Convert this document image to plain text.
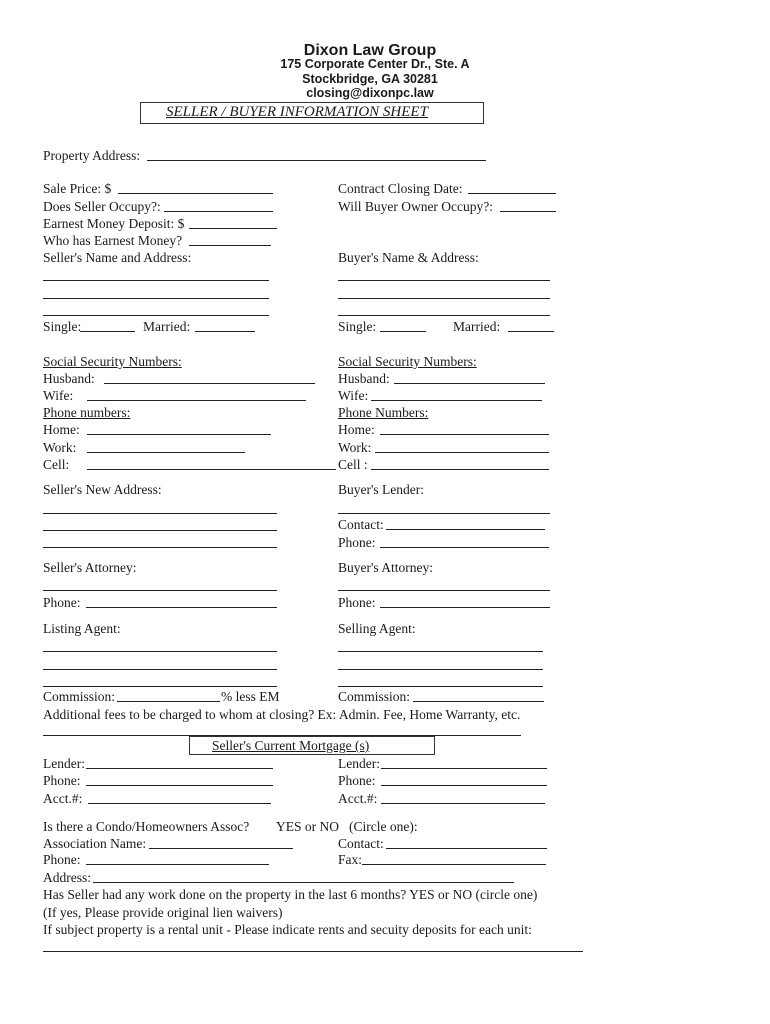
Dixon Law Group
175 Corporate Center Dr., Ste. A
Stockbridge, GA 30281
closing@dixonpc.law
SELLER / BUYER INFORMATION SHEET
Property Address:
Sale Price: $	Contract Closing Date:
Does Seller Occupy?:	Will Buyer Owner Occupy?:
Earnest Money Deposit: $
Who has Earnest Money?
Seller's Name and Address:	Buyer's Name & Address:
Single:	Married:	Single:	Married:
Social Security Numbers:	Social Security Numbers:
Husband:	Husband:
Wife:	Wife:
Phone numbers:	Phone Numbers:
Home:	Home:
Work:	Work:
Cell:	Cell :
Seller's New Address:	Buyer's Lender:
Contact:
Phone:
Seller's Attorney:	Buyer's Attorney:
Phone:	Phone:
Listing Agent:	Selling Agent:
Commission:	% less EM	Commission:
Additional fees to be charged to whom at closing? Ex: Admin. Fee, Home Warranty, etc.
Seller's Current Mortgage (s)
Lender:	Lender:
Phone:	Phone:
Acct.#:	Acct.#:
Is there a Condo/Homeowners Assoc? YES or NO (Circle one):
Association Name:	Contact:
Phone:	Fax:
Address:
Has Seller had any work done on the property in the last 6 months? YES or NO (circle one)
(If yes, Please provide original lien waivers)
If subject property is a rental unit - Please indicate rents and secuity deposits for each unit:
